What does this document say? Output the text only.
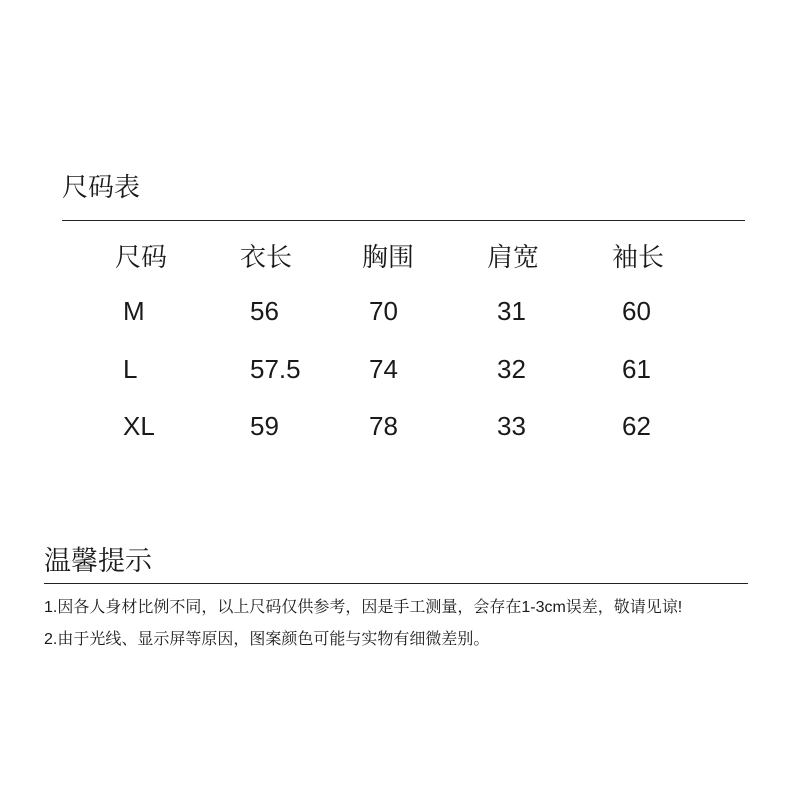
尺码表
尺码	衣长	胸围	肩宽	袖长
M	56	70	31	60
L	57.5	74	32	61
XL	59	78	33	62
温馨提示
1.因各人身材比例不同，以上尺码仅供参考，因是手工测量，会存在1-3cm误差，敬请见谅!
2.由于光线、显示屏等原因，图案颜色可能与实物有细微差别。
